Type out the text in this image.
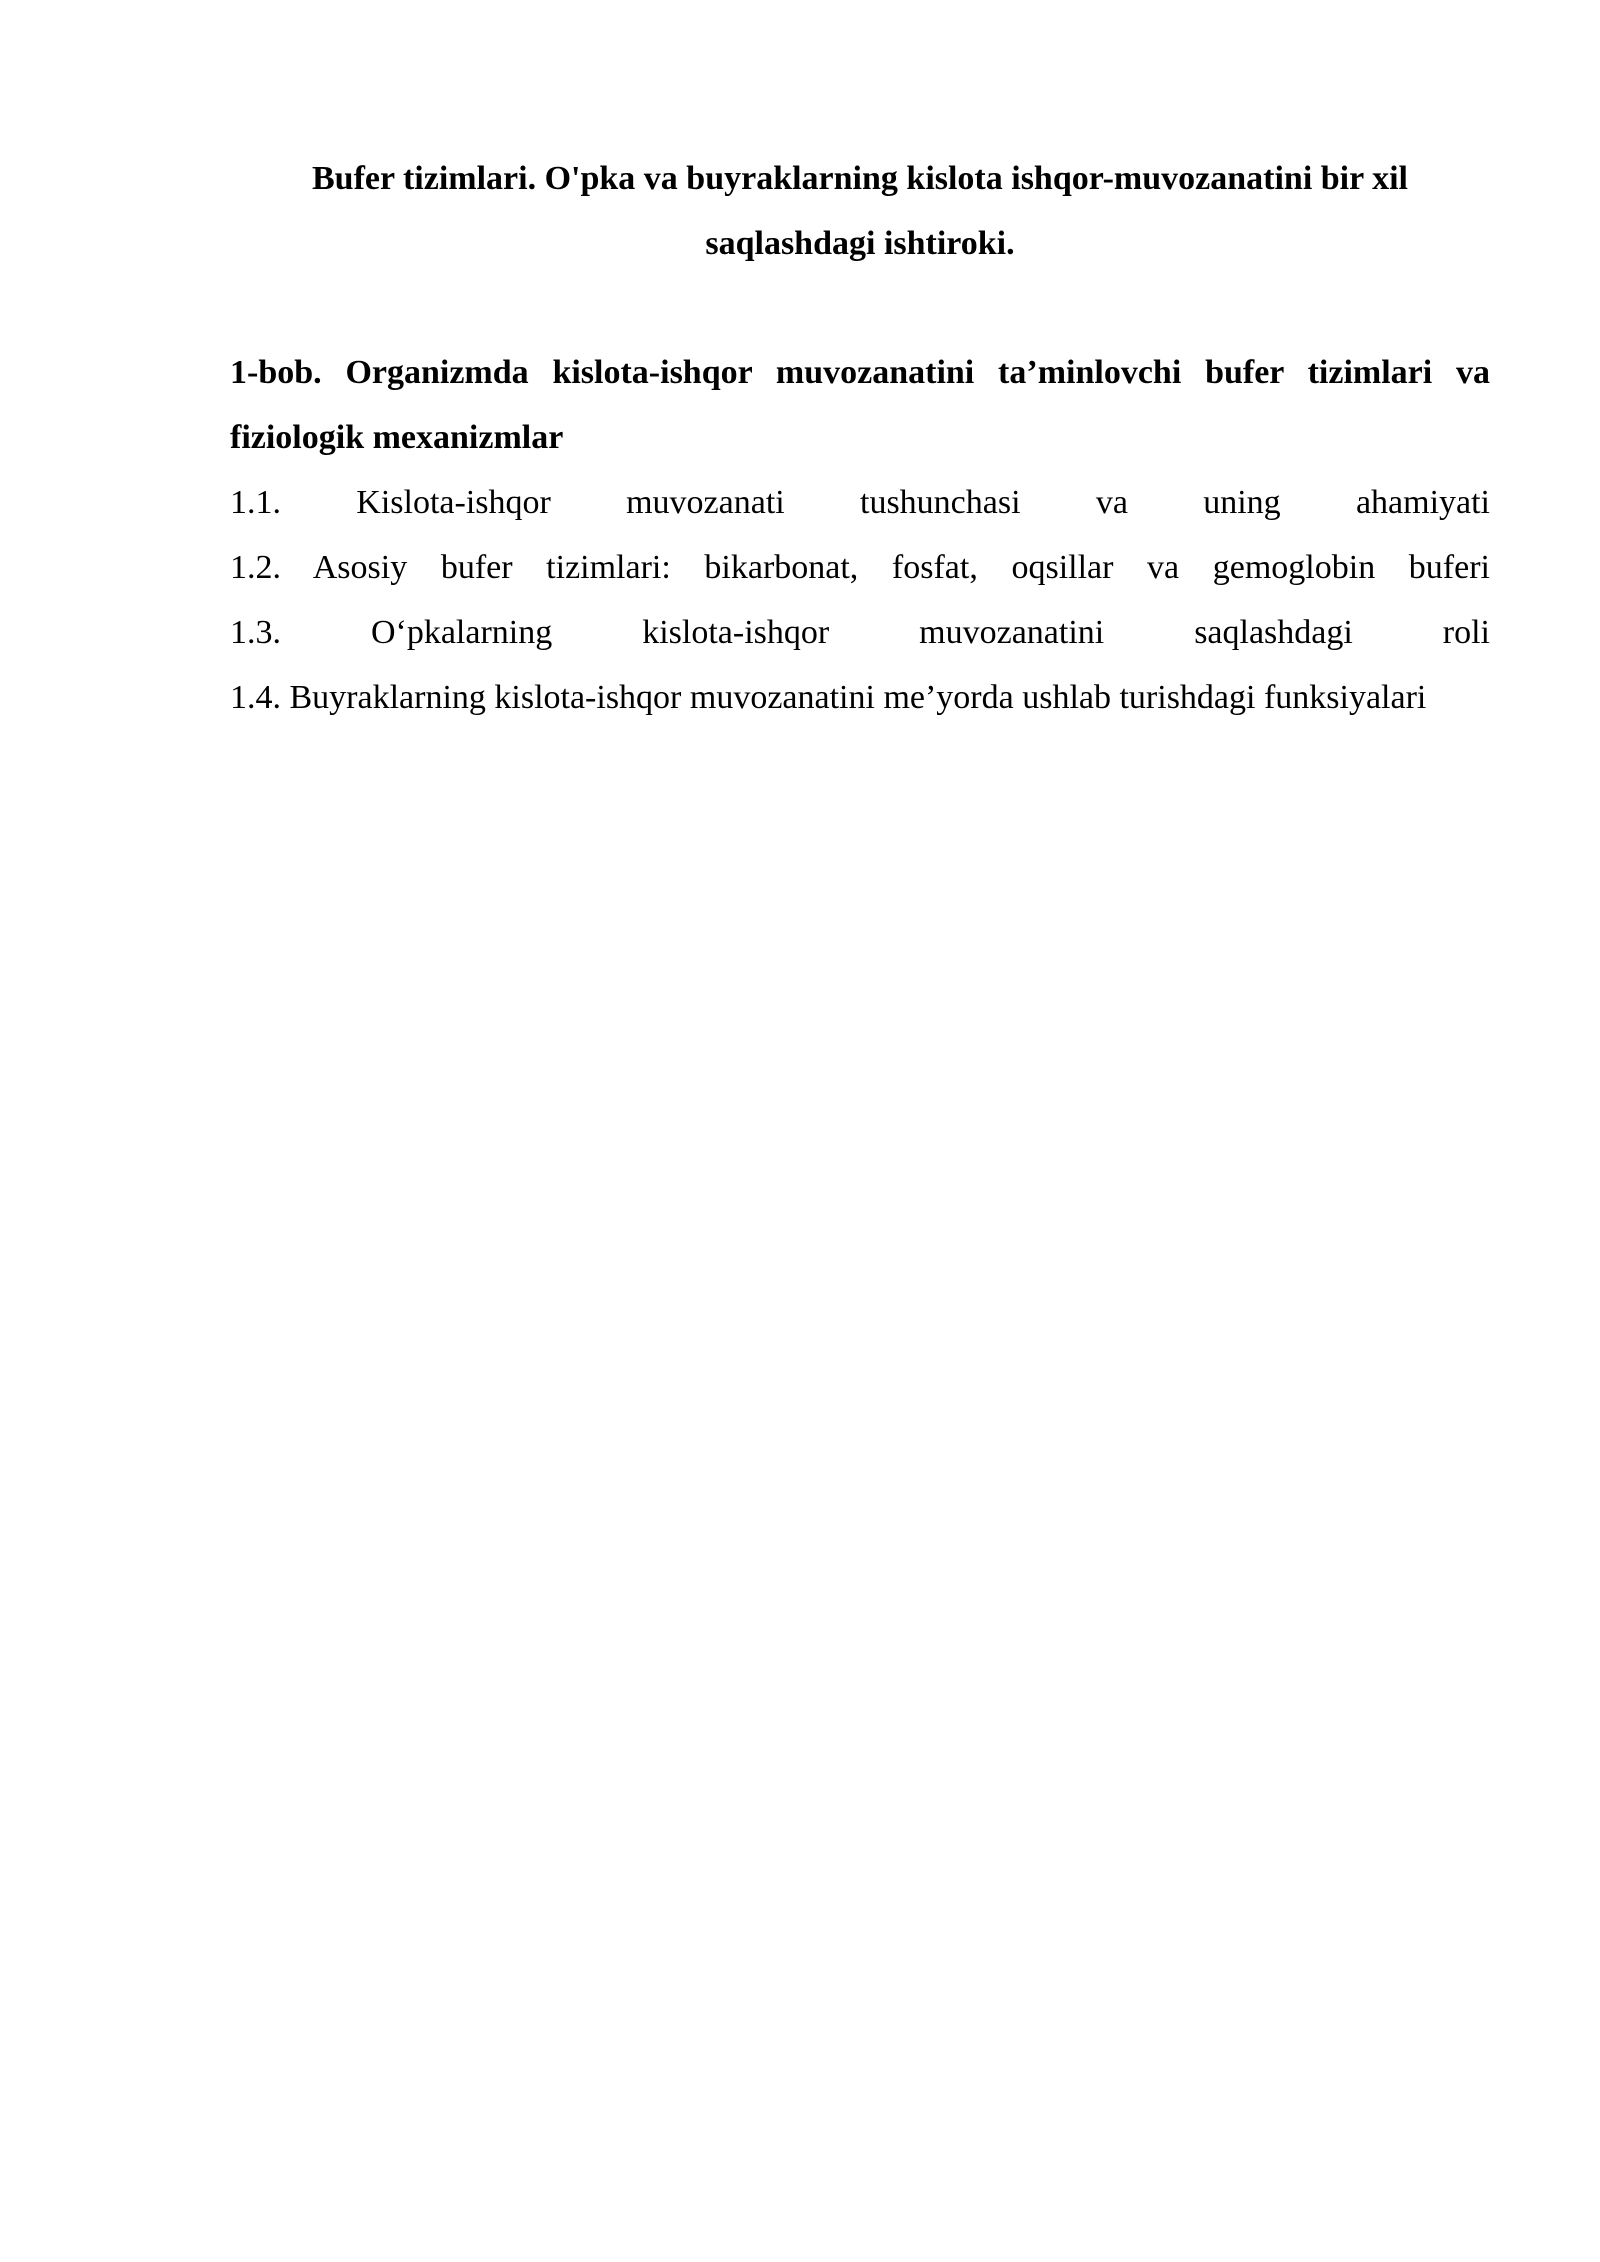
Bufer tizimlari. O'pka va buyraklarning kislota ishqor-muvozanatini bir xil saqlashdagi ishtiroki.

1-bob. Organizmda kislota-ishqor muvozanatini ta’minlovchi bufer tizimlari va fiziologik mexanizmlar

1.1. Kislota-ishqor muvozanati tushunchasi va uning ahamiyati

1.2. Asosiy bufer tizimlari: bikarbonat, fosfat, oqsillar va gemoglobin buferi

1.3. O‘pkalarning kislota-ishqor muvozanatini saqlashdagi roli

1.4. Buyraklarning kislota-ishqor muvozanatini me’yorda ushlab turishdagi funksiyalari
